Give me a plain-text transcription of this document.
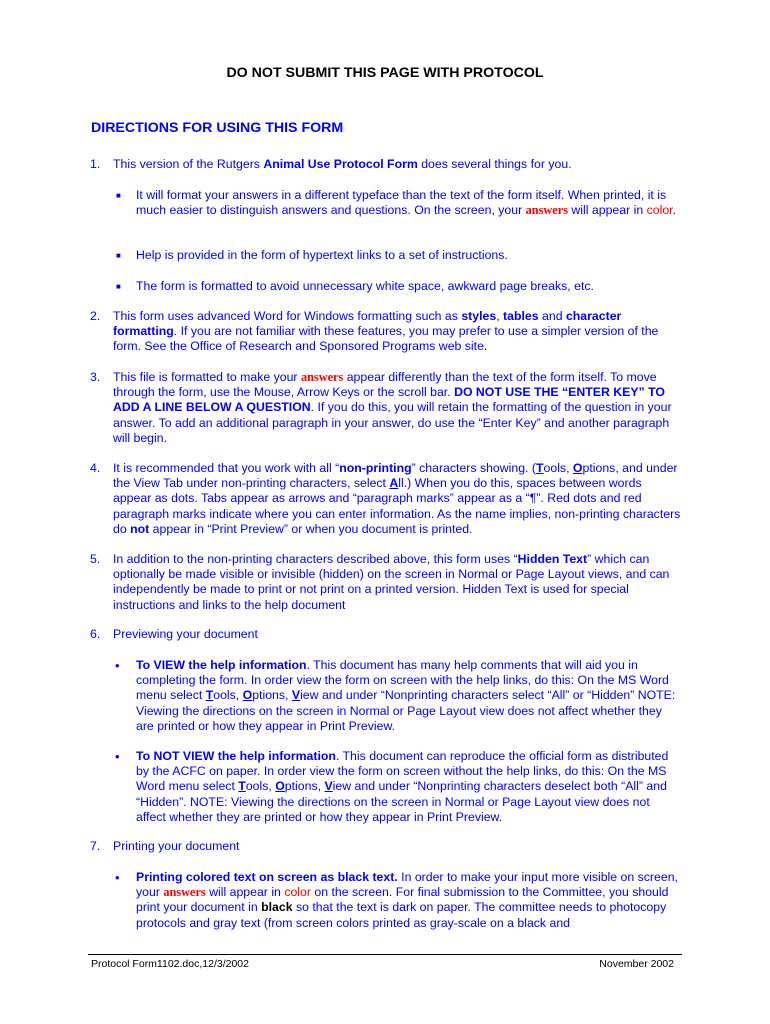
DO NOT SUBMIT THIS PAGE WITH PROTOCOL
DIRECTIONS FOR USING THIS FORM
1. This version of the Rutgers Animal Use Protocol Form does several things for you.
■ It will format your answers in a different typeface than the text of the form itself. When printed, it is much easier to distinguish answers and questions. On the screen, your answers will appear in color.
■ Help is provided in the form of hypertext links to a set of instructions.
■ The form is formatted to avoid unnecessary white space, awkward page breaks, etc.
2. This form uses advanced Word for Windows formatting such as styles, tables and character formatting. If you are not familiar with these features, you may prefer to use a simpler version of the form. See the Office of Research and Sponsored Programs web site.
3. This file is formatted to make your answers appear differently than the text of the form itself. To move through the form, use the Mouse, Arrow Keys or the scroll bar. DO NOT USE THE “ENTER KEY” TO ADD A LINE BELOW A QUESTION. If you do this, you will retain the formatting of the question in your answer. To add an additional paragraph in your answer, do use the “Enter Key” and another paragraph will begin.
4. It is recommended that you work with all “non-printing” characters showing. (Tools, Options, and under the View Tab under non-printing characters, select All.) When you do this, spaces between words appear as dots. Tabs appear as arrows and “paragraph marks” appear as a “¶”. Red dots and red paragraph marks indicate where you can enter information. As the name implies, non-printing characters do not appear in “Print Preview” or when you document is printed.
5. In addition to the non-printing characters described above, this form uses “Hidden Text” which can optionally be made visible or invisible (hidden) on the screen in Normal or Page Layout views, and can independently be made to print or not print on a printed version. Hidden Text is used for special instructions and links to the help document
6. Previewing your document
• To VIEW the help information. This document has many help comments that will aid you in completing the form. In order view the form on screen with the help links, do this: On the MS Word menu select Tools, Options, View and under “Nonprinting characters select “All” or “Hidden” NOTE: Viewing the directions on the screen in Normal or Page Layout view does not affect whether they are printed or how they appear in Print Preview.
• To NOT VIEW the help information. This document can reproduce the official form as distributed by the ACFC on paper. In order view the form on screen without the help links, do this: On the MS Word menu select Tools, Options, View and under “Nonprinting characters deselect both “All” and “Hidden”. NOTE: Viewing the directions on the screen in Normal or Page Layout view does not affect whether they are printed or how they appear in Print Preview.
7. Printing your document
• Printing colored text on screen as black text. In order to make your input more visible on screen, your answers will appear in color on the screen. For final submission to the Committee, you should print your document in black so that the text is dark on paper. The committee needs to photocopy protocols and gray text (from screen colors printed as gray-scale on a black and
Protocol Form1102.doc,12/3/2002	November 2002
